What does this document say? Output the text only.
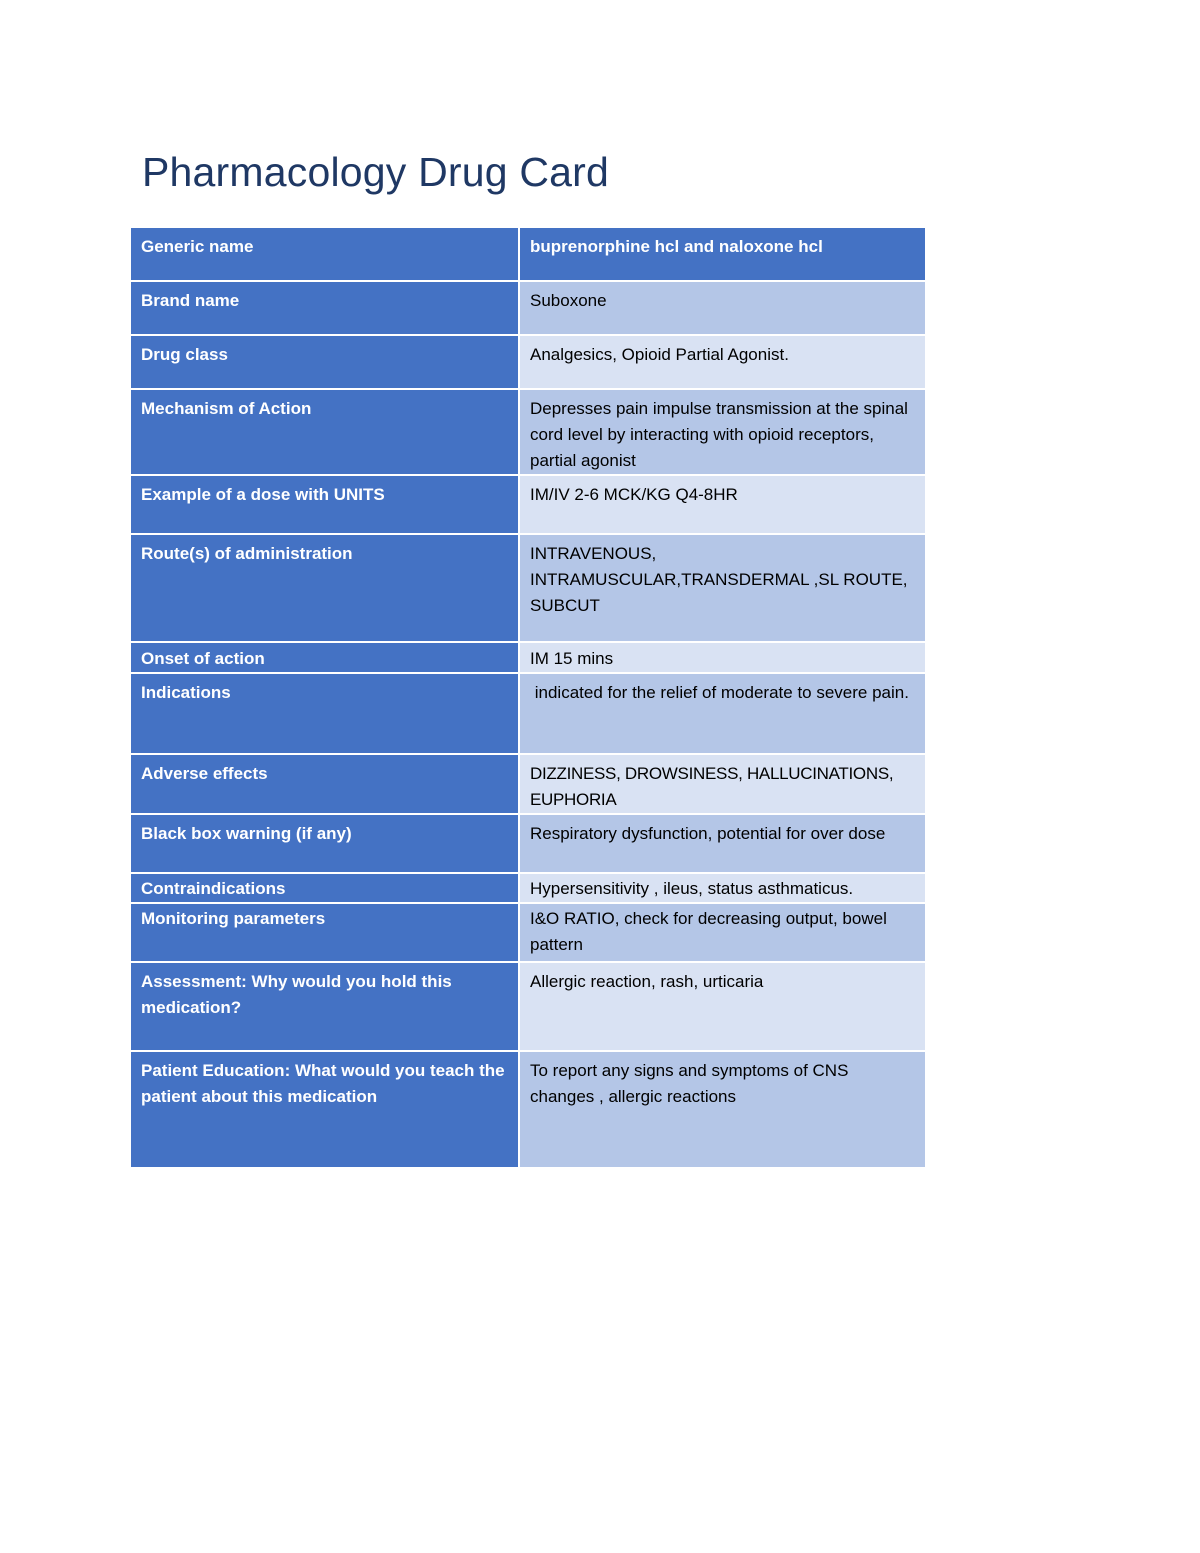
Pharmacology Drug Card
Generic name	buprenorphine hcl and naloxone hcl
Brand name	Suboxone
Drug class	Analgesics, Opioid Partial Agonist.
Mechanism of Action	Depresses pain impulse transmission at the spinal cord level by interacting with opioid receptors, partial agonist
Example of a dose with UNITS	IM/IV 2-6 MCK/KG Q4-8HR
Route(s) of administration	INTRAVENOUS, INTRAMUSCULAR,TRANSDERMAL ,SL ROUTE, SUBCUT
Onset of action	IM 15 mins
Indications	indicated for the relief of moderate to severe pain.
Adverse effects	DIZZINESS, DROWSINESS, HALLUCINATIONS, EUPHORIA
Black box warning (if any)	Respiratory dysfunction, potential for over dose
Contraindications	Hypersensitivity , ileus, status asthmaticus.
Monitoring parameters	I&O RATIO, check for decreasing output, bowel pattern
Assessment: Why would you hold this medication?	Allergic reaction, rash, urticaria
Patient Education: What would you teach the patient about this medication	To report any signs and symptoms of CNS changes , allergic reactions
